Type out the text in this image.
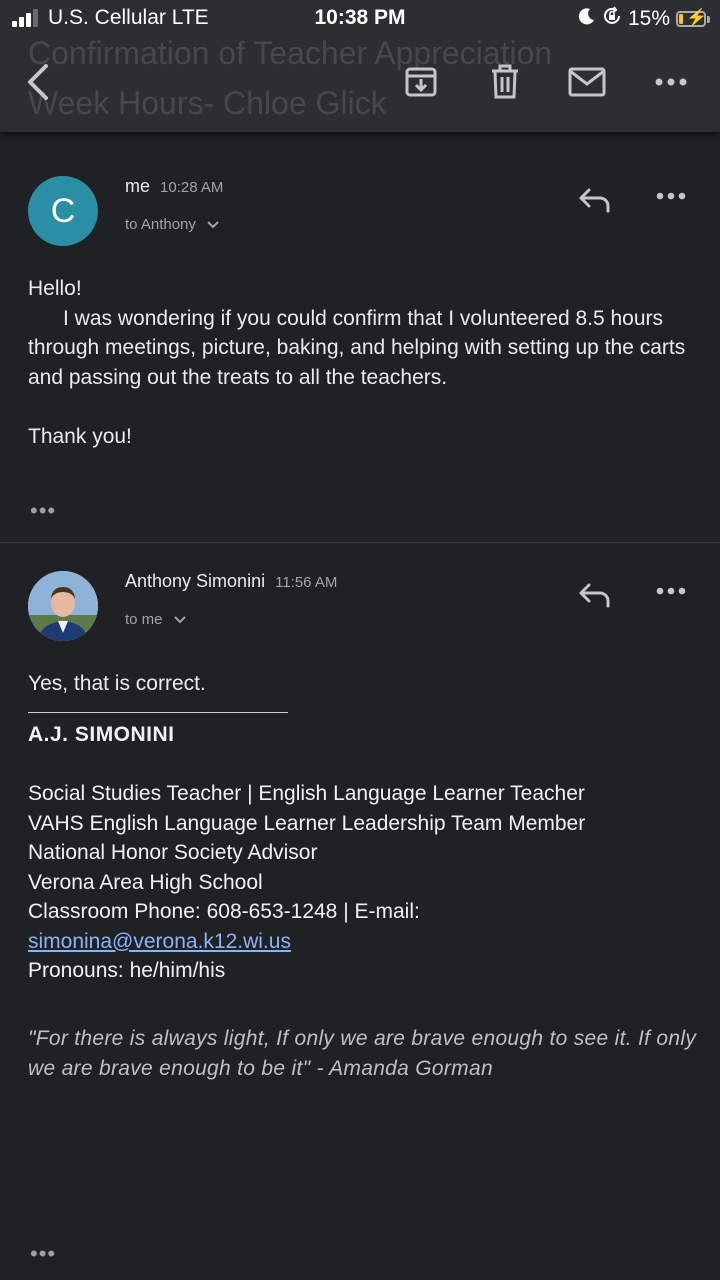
Confirmation of Teacher Appreciation Week Hours- Chloe Glick
U.S. Cellular LTE	10:38 PM	15% ⚡
C
me 10:28 AM
to Anthony
Hello!
I was wondering if you could confirm that I volunteered 8.5 hours through meetings, picture, baking, and helping with setting up the carts and passing out the treats to all the teachers.

Thank you!
•••
Anthony Simonini 11:56 AM
to me
Yes, that is correct.
A.J. SIMONINI

Social Studies Teacher | English Language Learner Teacher
VAHS English Language Learner Leadership Team Member
National Honor Society Advisor
Verona Area High School
Classroom Phone: 608-653-1248 | E-mail:
simonina@verona.k12.wi.us
Pronouns: he/him/his
"For there is always light, If only we are brave enough to see it. If only we are brave enough to be it" - Amanda Gorman
•••
